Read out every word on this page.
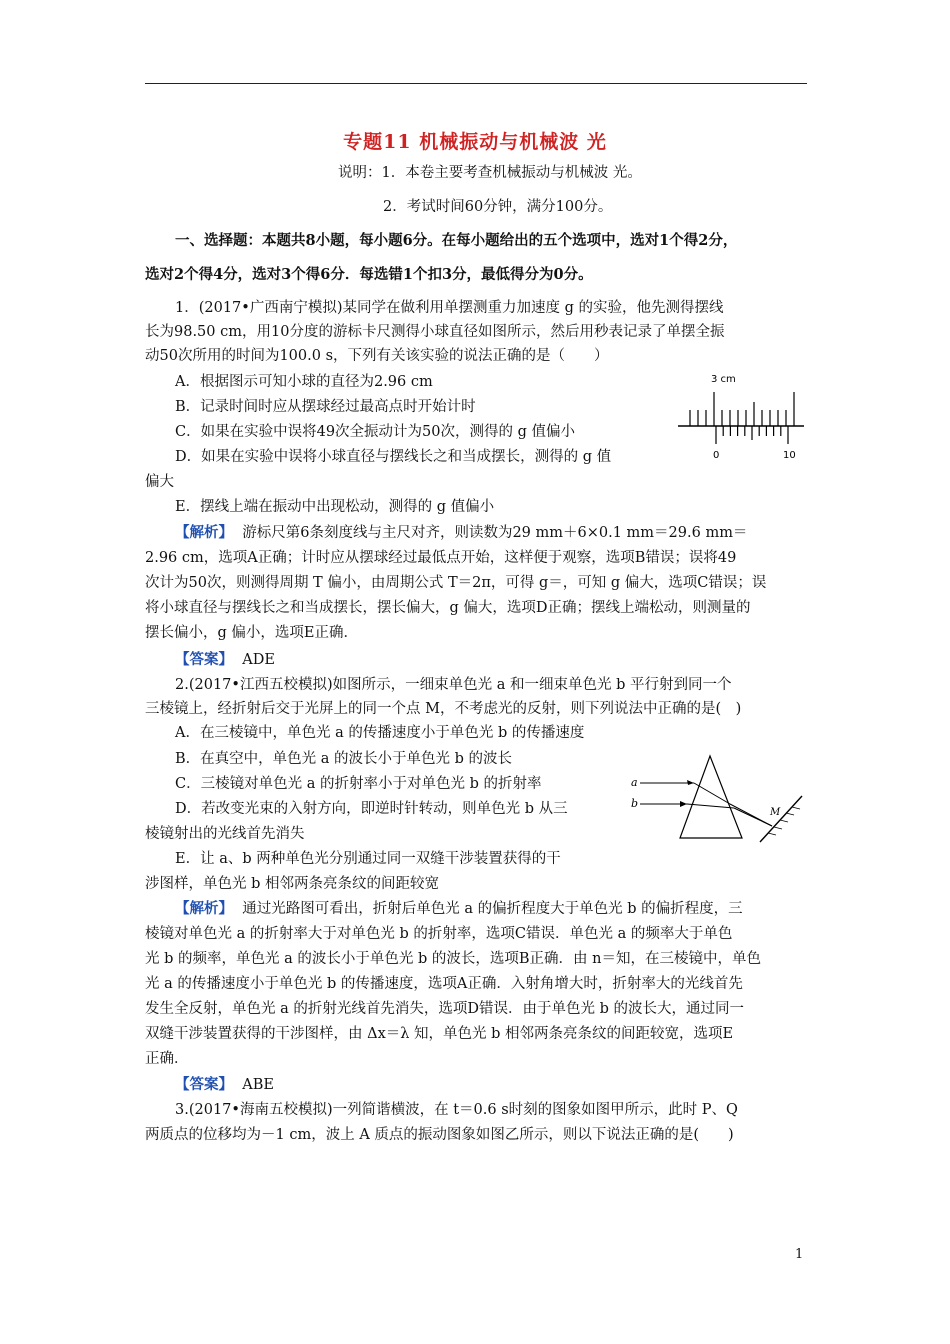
专题11 机械振动与机械波 光
说明：1．本卷主要考查机械振动与机械波 光。
2．考试时间60分钟，满分100分。
一、选择题：本题共8小题，每小题6分。在每小题给出的五个选项中，选对1个得2分，
选对2个得4分，选对3个得6分．每选错1个扣3分，最低得分为0分。
1．(2017•广西南宁模拟)某同学在做利用单摆测重力加速度 g 的实验，他先测得摆线
长为98.50 cm，用10分度的游标卡尺测得小球直径如图所示，然后用秒表记录了单摆全振
动50次所用的时间为100.0 s，下列有关该实验的说法正确的是（　　）
A．根据图示可知小球的直径为2.96 cm
B．记录时间时应从摆球经过最高点时开始计时
C．如果在实验中误将49次全振动计为50次，测得的 g 值偏小
D．如果在实验中误将小球直径与摆线长之和当成摆长，测得的 g 值
偏大
E．摆线上端在振动中出现松动，测得的 g 值偏小
3 cm
0	10
【解析】 游标尺第6条刻度线与主尺对齐，则读数为29 mm＋6×0.1 mm＝29.6 mm＝
2.96 cm，选项A正确；计时应从摆球经过最低点开始，这样便于观察，选项B错误；误将49
次计为50次，则测得周期 T 偏小，由周期公式 T＝2π，可得 g＝，可知 g 偏大，选项C错误；误
将小球直径与摆线长之和当成摆长，摆长偏大，g 偏大，选项D正确；摆线上端松动，则测量的
摆长偏小，g 偏小，选项E正确．
【答案】 ADE
2.(2017•江西五校模拟)如图所示，一细束单色光 a 和一细束单色光 b 平行射到同一个
三棱镜上，经折射后交于光屏上的同一个点 M，不考虑光的反射，则下列说法中正确的是(　)
A．在三棱镜中，单色光 a 的传播速度小于单色光 b 的传播速度
B．在真空中，单色光 a 的波长小于单色光 b 的波长
C．三棱镜对单色光 a 的折射率小于对单色光 b 的折射率
D．若改变光束的入射方向，即逆时针转动，则单色光 b 从三
棱镜射出的光线首先消失
E．让 a、b 两种单色光分别通过同一双缝干涉装置获得的干
涉图样，单色光 b 相邻两条亮条纹的间距较宽
a
b
M
【解析】 通过光路图可看出，折射后单色光 a 的偏折程度大于单色光 b 的偏折程度，三
棱镜对单色光 a 的折射率大于对单色光 b 的折射率，选项C错误．单色光 a 的频率大于单色
光 b 的频率，单色光 a 的波长小于单色光 b 的波长，选项B正确．由 n＝知，在三棱镜中，单色
光 a 的传播速度小于单色光 b 的传播速度，选项A正确．入射角增大时，折射率大的光线首先
发生全反射，单色光 a 的折射光线首先消失，选项D错误．由于单色光 b 的波长大，通过同一
双缝干涉装置获得的干涉图样，由 Δx＝λ 知，单色光 b 相邻两条亮条纹的间距较宽，选项E
正确．
【答案】 ABE
3.(2017•海南五校模拟)一列简谐横波，在 t＝0.6 s时刻的图象如图甲所示，此时 P、Q
两质点的位移均为－1 cm，波上 A 质点的振动图象如图乙所示，则以下说法正确的是(　　)
1
